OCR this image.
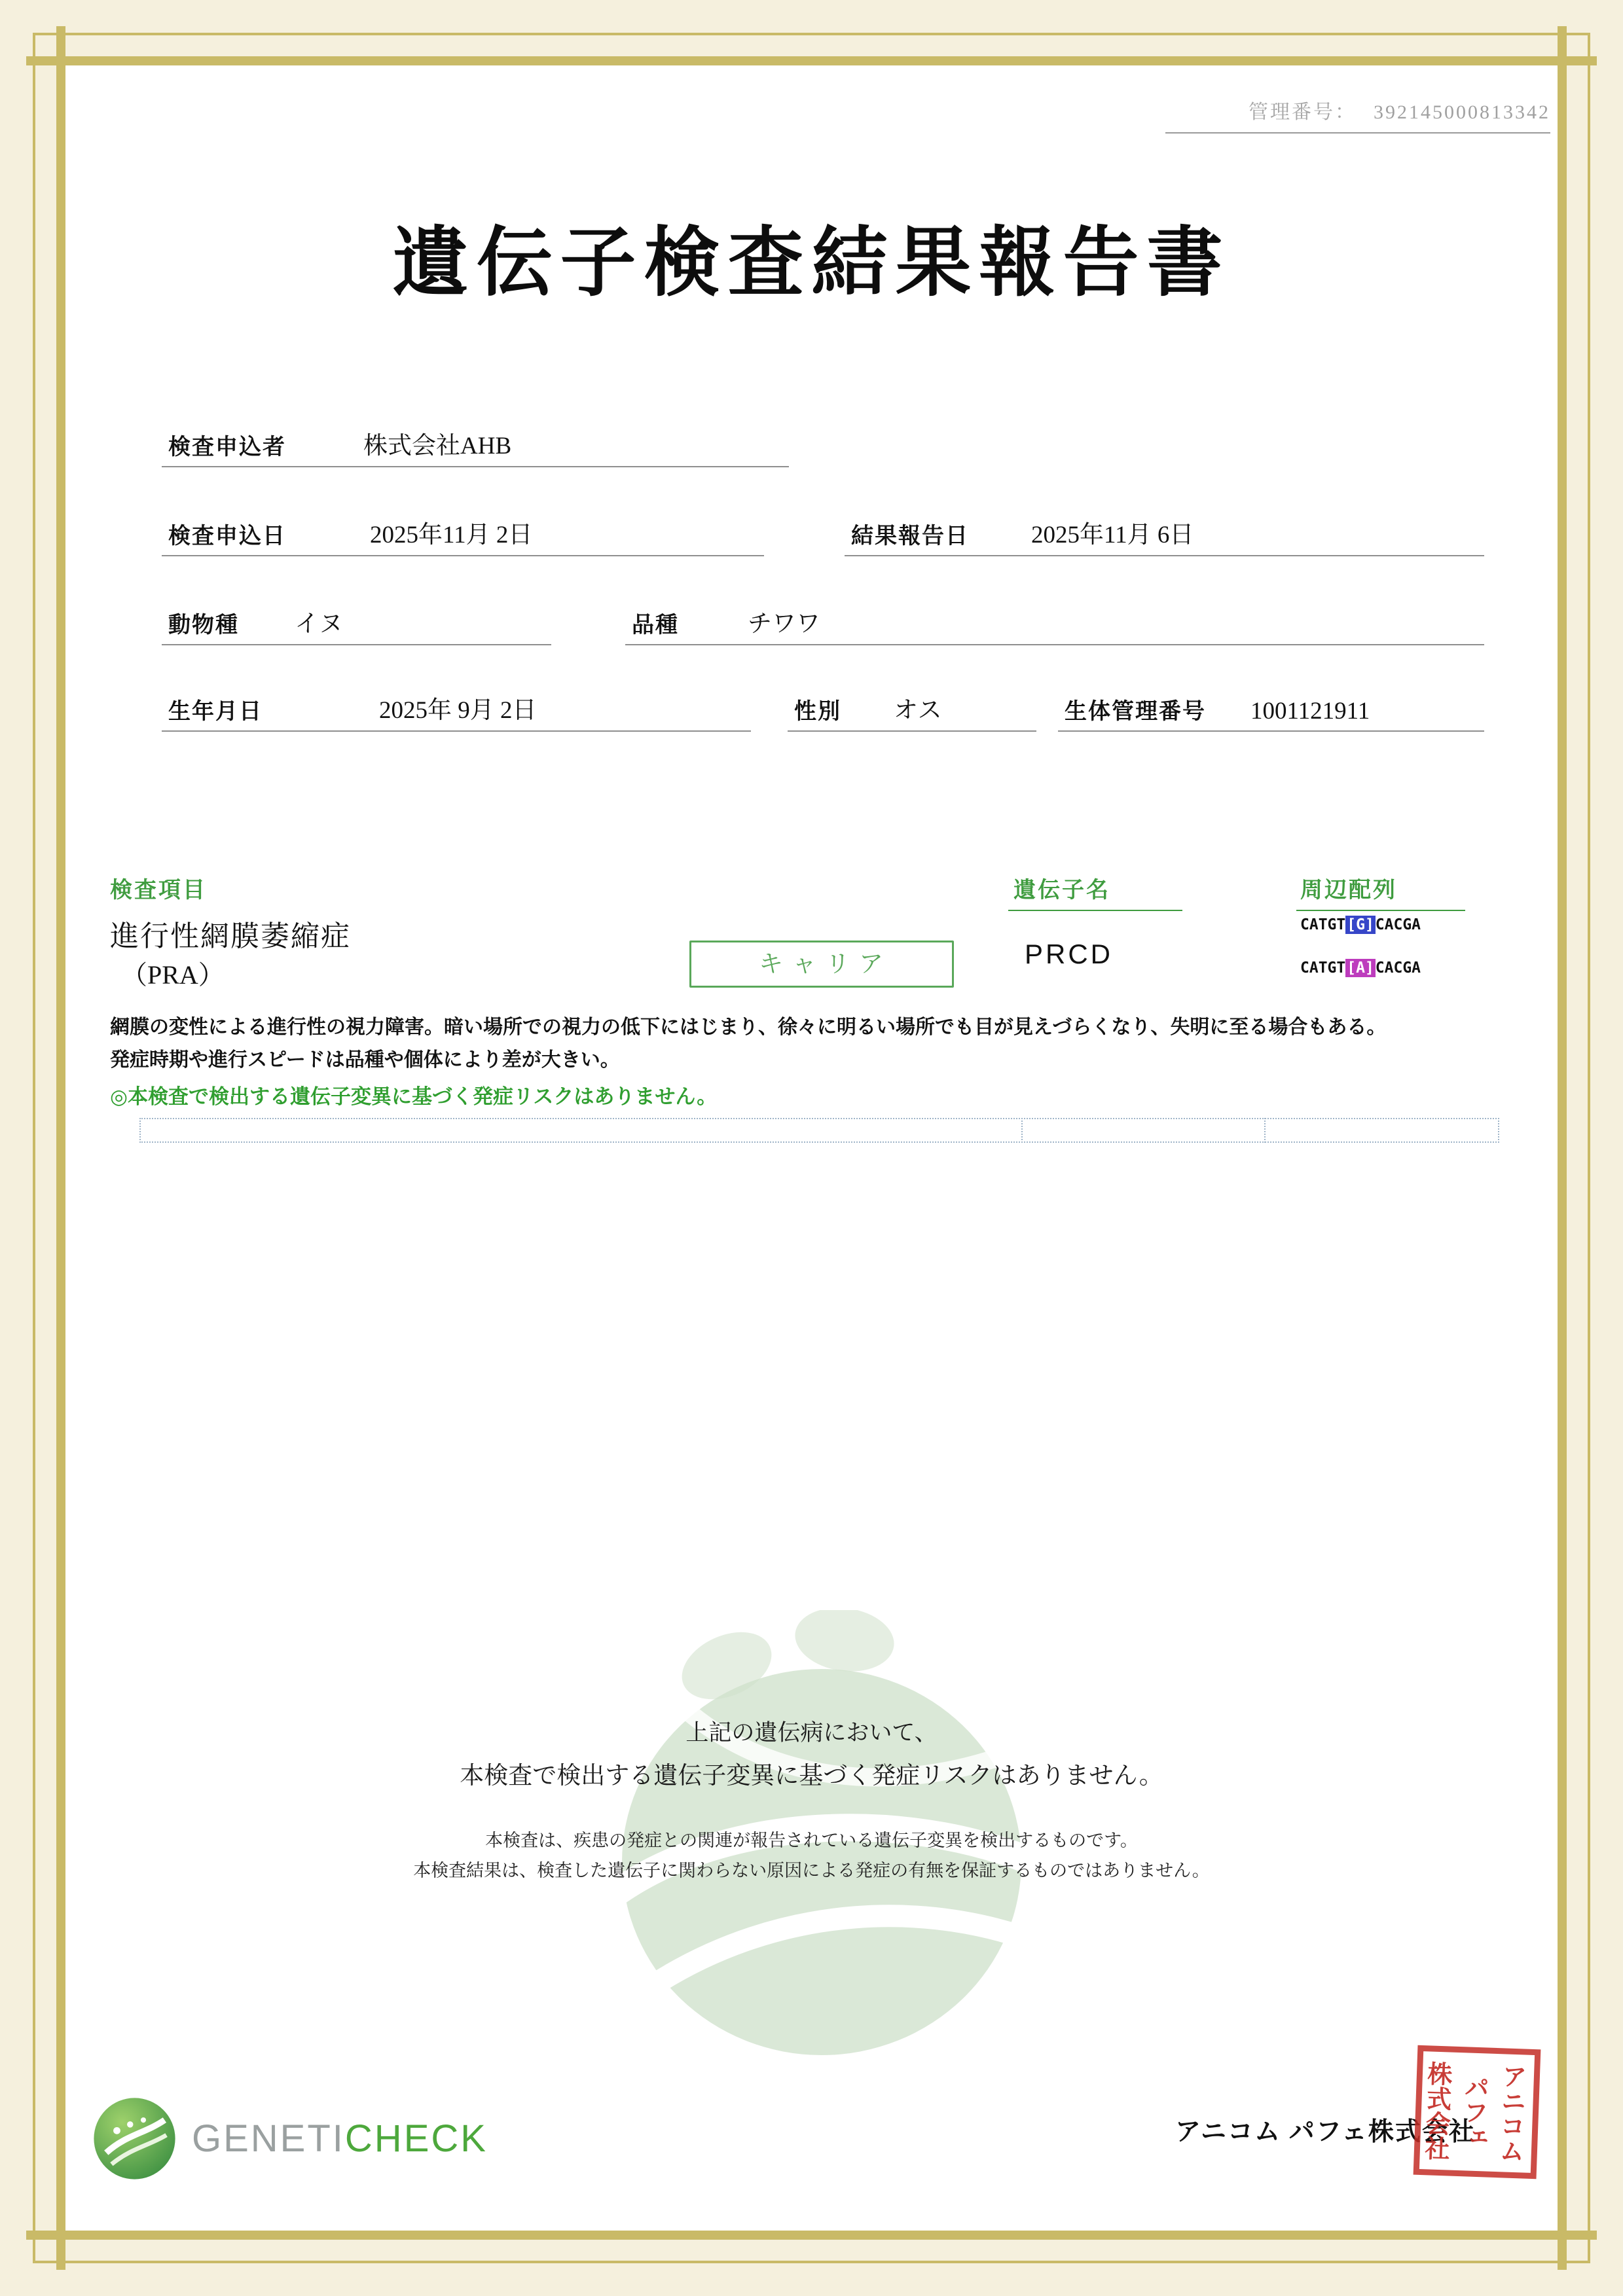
管理番号： 392145000813342
遺伝子検査結果報告書
検査申込者	株式会社AHB
検査申込日	2025年11月 2日	結果報告日	2025年11月 6日
動物種 イヌ	品種	チワワ
生年月日	2025年 9月 2日	性別 オス	生体管理番号 1001121911
検査項目	遺伝子名	周辺配列
進行性網膜萎縮症
（PRA）	キャリア	PRCD
CATGT[G]CACGA
CATGT[A]CACGA
網膜の変性による進行性の視力障害。暗い場所での視力の低下にはじまり、徐々に明るい場所でも目が見えづらくなり、失明に至る場合もある。
発症時期や進行スピードは品種や個体により差が大きい。
◎本検査で検出する遺伝子変異に基づく発症リスクはありません。
上記の遺伝病において、
本検査で検出する遺伝子変異に基づく発症リスクはありません。
本検査は、疾患の発症との関連が報告されている遺伝子変異を検出するものです。
本検査結果は、検査した遺伝子に関わらない原因による発症の有無を保証するものではありません。
GENETICHECK	アニコム パフェ株式会社 アニコム
パフェ
株式会社
